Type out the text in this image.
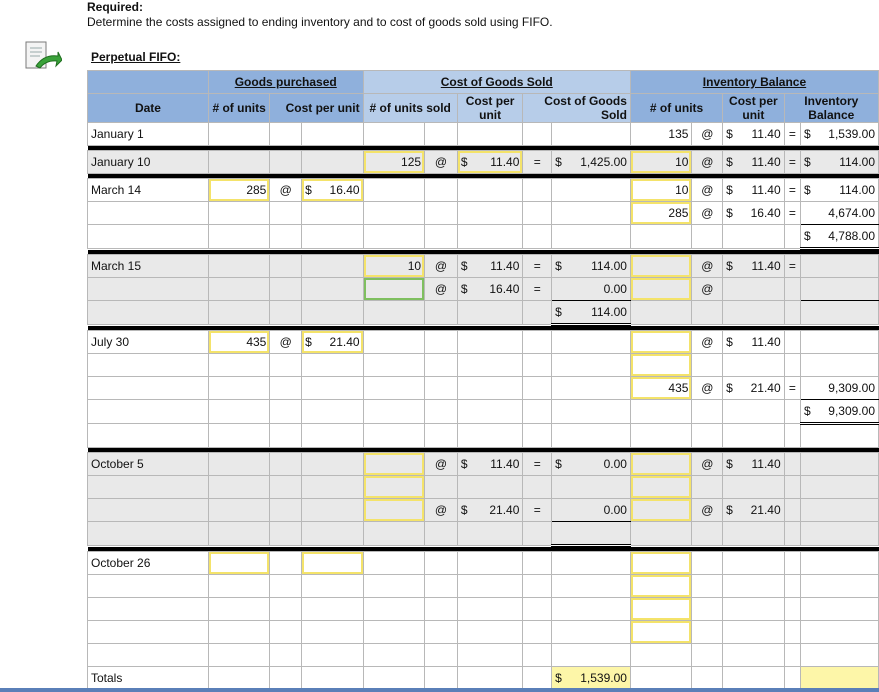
Required:
Determine the costs assigned to ending inventory and to cost of goods sold using FIFO.
Perpetual FIFO:
	Goods purchased			Cost of Goods Sold					Inventory Balance				
Date	# of units	Cost per unit		# of units sold		Cost per unit	Cost of Goods Sold		# of units		Cost per unit	Inventory Balance	
January 1									135	@	$ 11.40	=	$ 1,539.00

January 10				125	@	$ 11.40	=	$ 1,425.00	10	@	$ 11.40	=	$ 114.00

March 14	285	@	$ 16.40						10	@	$ 11.40	=	$ 114.00

									285	@	$ 16.40	=	4,674.00

													$ 4,788.00

March 15				10	@	$ 11.40	=	$ 114.00		@	$ 11.40	=	
					@	$ 16.40	=	0.00		@			

								$ 114.00					

July 30	435	@	$ 21.40							@	$ 11.40		

									435	@	$ 21.40	=	9,309.00

													$ 9,309.00

October 5					@	$ 11.40	=	$ 0.00		@	$ 11.40		

					@	$ 21.40	=	0.00		@	$ 21.40		

October 26													

Totals								$ 1,539.00					
